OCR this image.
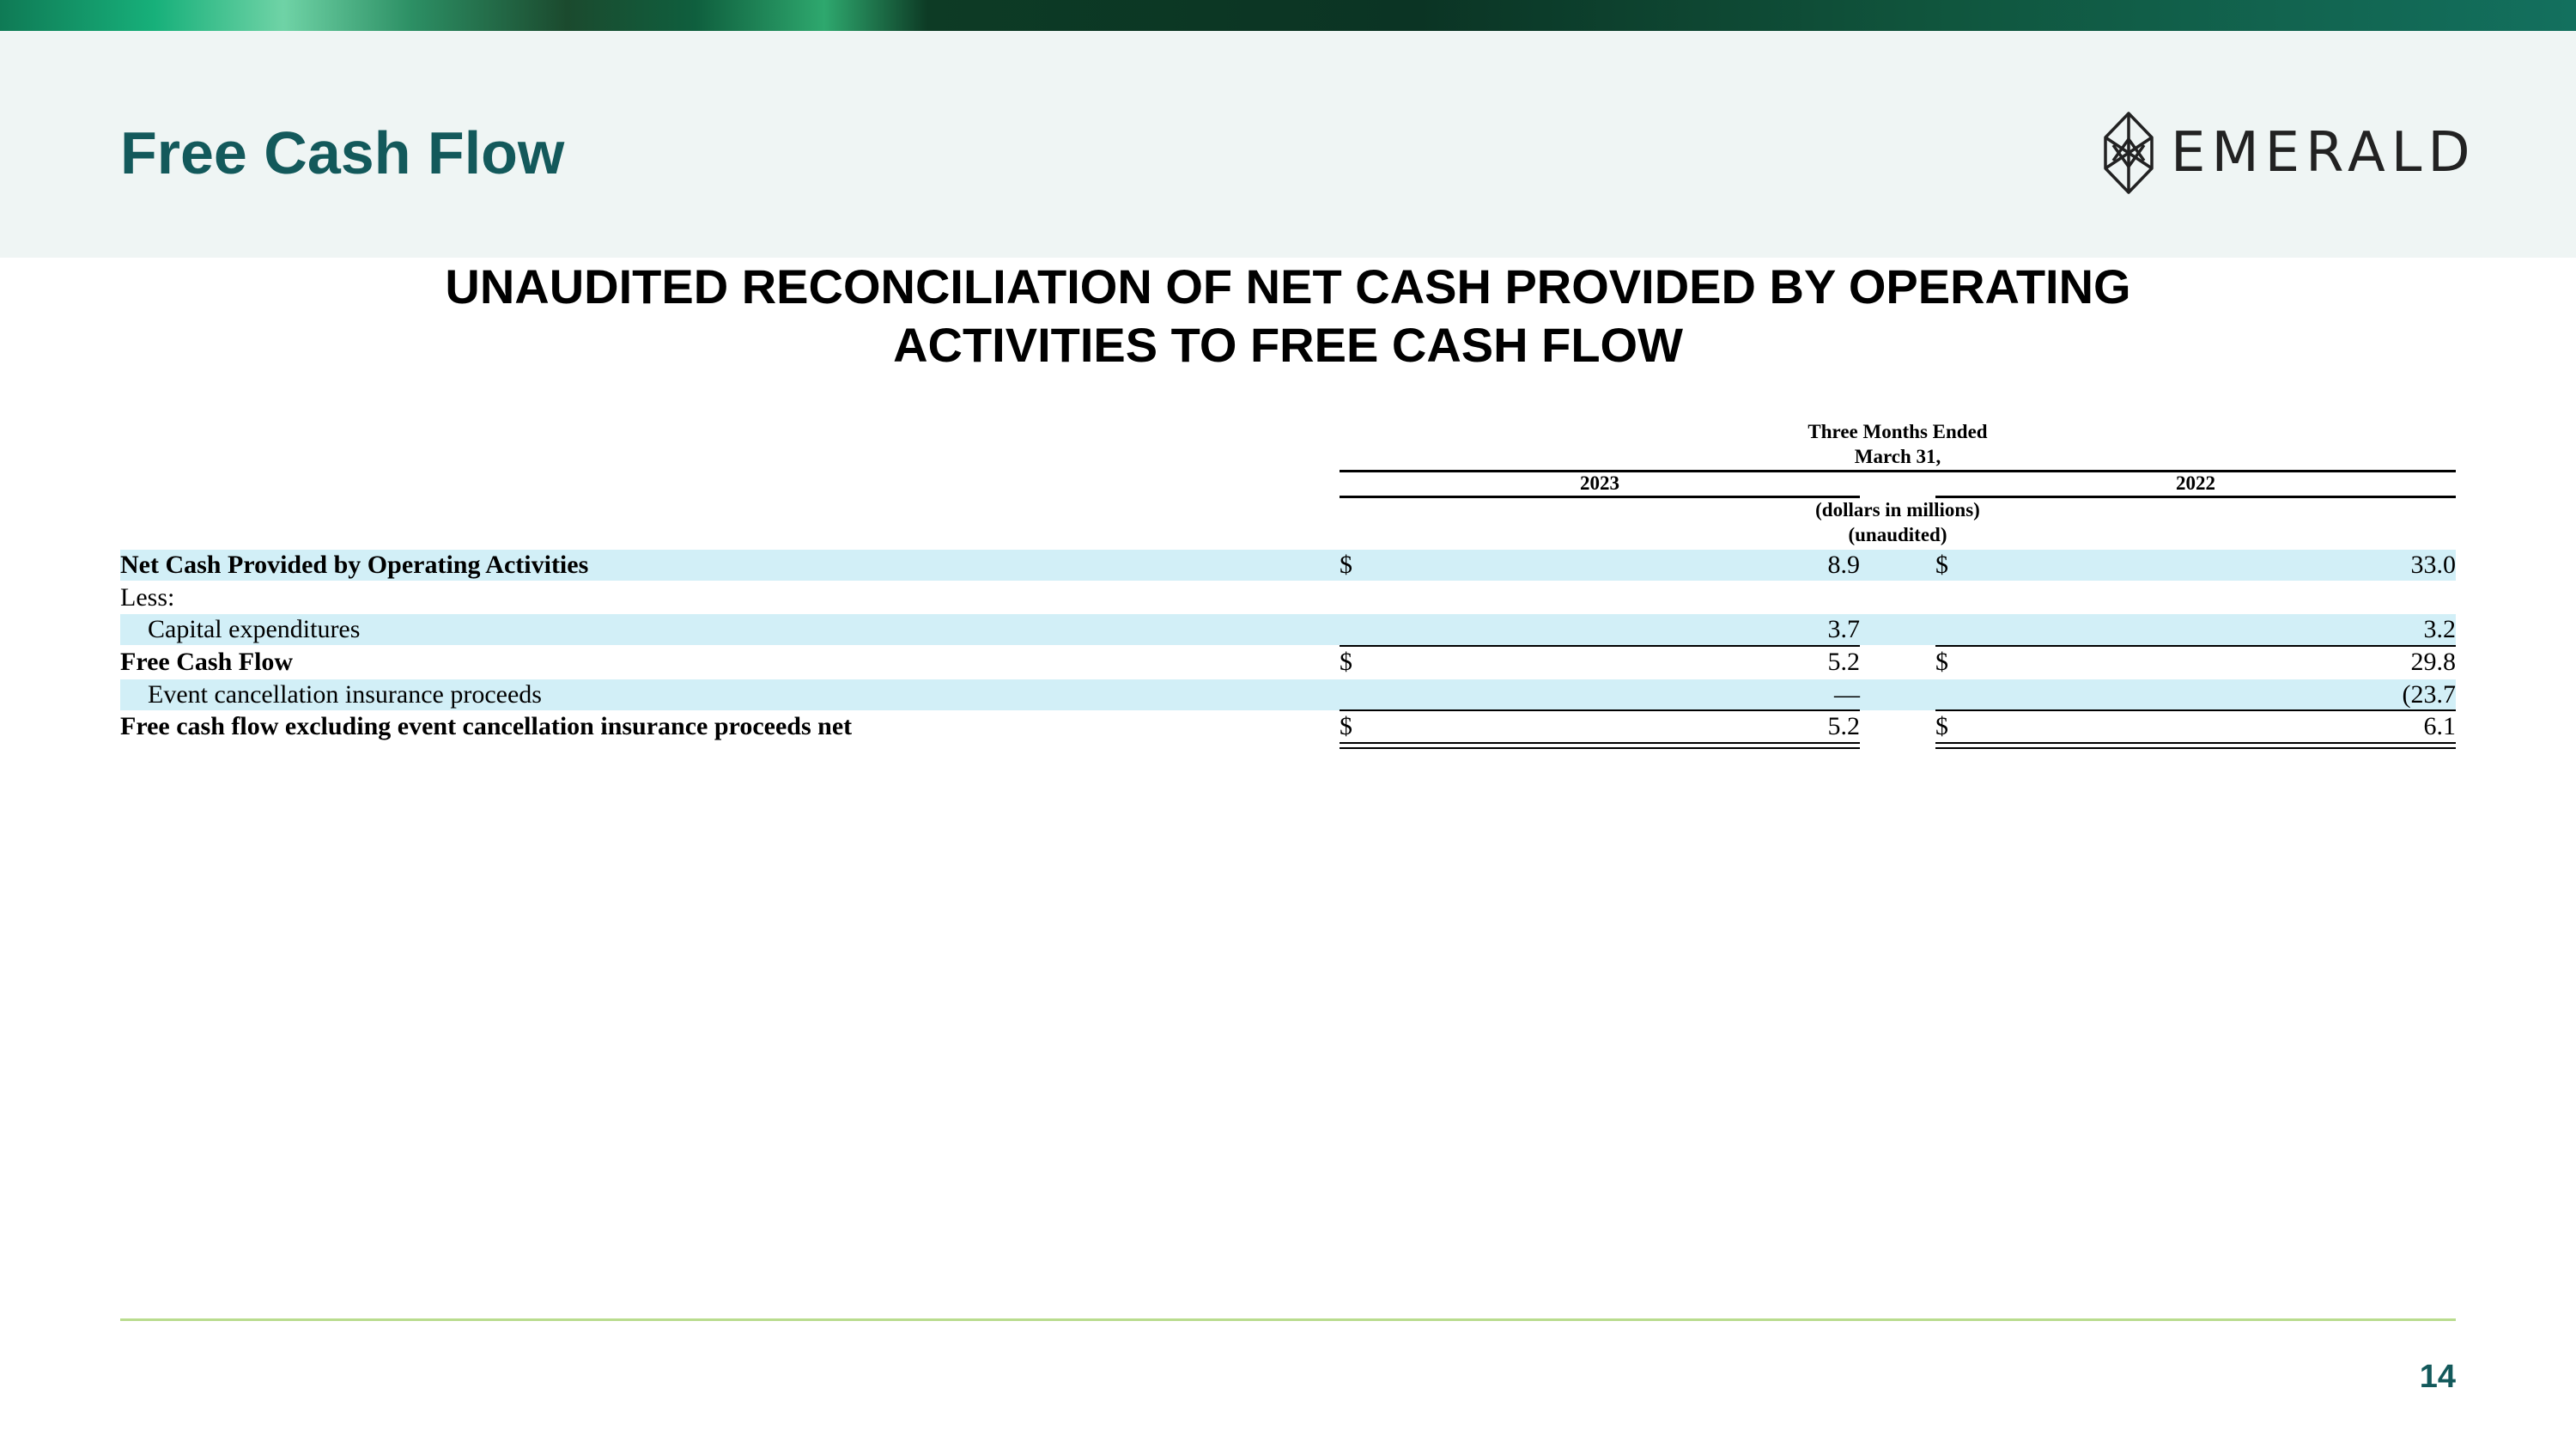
Free Cash Flow	EMERALD
UNAUDITED RECONCILIATION OF NET CASH PROVIDED BY OPERATING
ACTIVITIES TO FREE CASH FLOW
Three Months Ended
March 31,
2023	2022
(dollars in millions)
(unaudited)
Net Cash Provided by Operating Activities	$	8.9	$	33.0
Less:
Capital expenditures	3.7	3.2
Free Cash Flow	$	5.2	$	29.8
Event cancellation insurance proceeds	—	(23.7
Free cash flow excluding event cancellation insurance proceeds net	$	5.2	$	6.1
14
